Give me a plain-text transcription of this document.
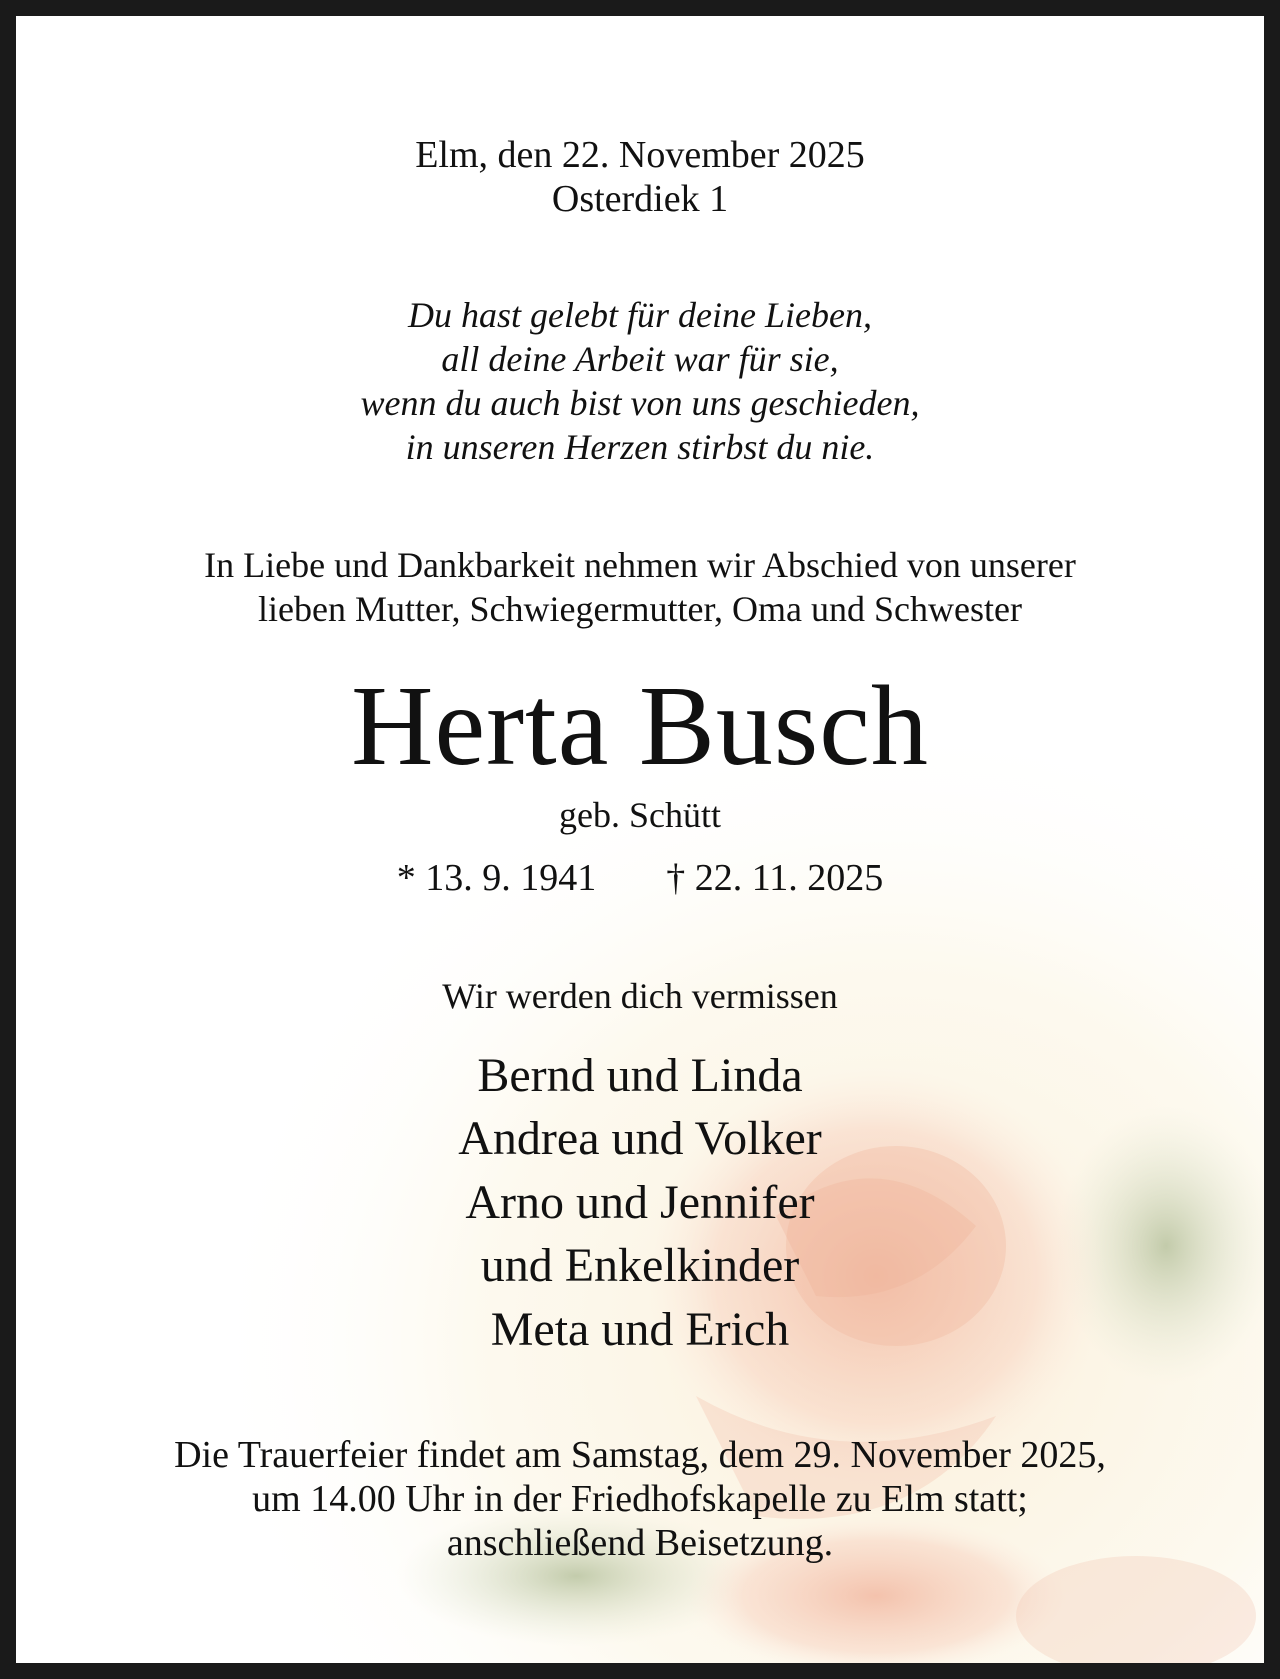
Elm, den 22. November 2025
Osterdiek 1
Du hast gelebt für deine Lieben,
all deine Arbeit war für sie,
wenn du auch bist von uns geschieden,
in unseren Herzen stirbst du nie.
In Liebe und Dankbarkeit nehmen wir Abschied von unserer
lieben Mutter, Schwiegermutter, Oma und Schwester
Herta Busch
geb. Schütt
* 13. 9. 1941 † 22. 11. 2025
Wir werden dich vermissen
Bernd und Linda
Andrea und Volker
Arno und Jennifer
und Enkelkinder
Meta und Erich
Die Trauerfeier findet am Samstag, dem 29. November 2025,
um 14.00 Uhr in der Friedhofskapelle zu Elm statt;
anschließend Beisetzung.
